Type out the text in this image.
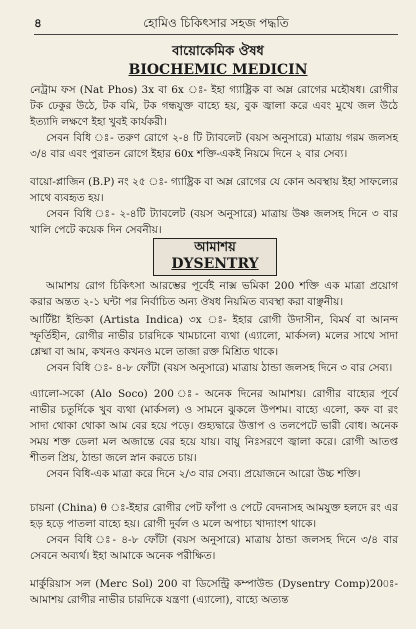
৪	হোমিও চিকিৎসার সহজ পদ্ধতি
বায়োকেমিক ঔষধ
BIOCHEMIC MEDICIN

নেট্রাম ফস (Nat Phos) 3x বা 6x ঃ- ইহা গ্যাষ্ট্রিক বা অম্ল রোগের মহৌষধ। রোগীর টক ঢেকুর উঠে, টক বমি, টক গন্ধযুক্ত বাহ্যে হয়, বুক জ্বালা করে এবং মুখে জল উঠে ইত্যাদি লক্ষণে ইহা খুবই কার্যকরী।

সেবন বিধি ঃ- তরুণ রোগে ২-৪ টি ট্যাবলেট (বয়স অনুসারে) মাত্রায় গরম জলসহ ৩/৪ বার এবং পুরাতন রোগে ইহার 60x শক্তি-একই নিয়মে দিনে ২ বার সেব্য।

বায়ো-প্লাজিন (B.P) নং ২৫ ঃ- গ্যাষ্ট্রিক বা অম্ল রোগের যে কোন অবস্থায় ইহা সাফল্যের সাথে ব্যবহৃত হয়।

সেবন বিধি ঃ- ২-৪টি ট্যাবলেট (বয়স অনুসারে) মাত্রায় উষ্ণ জলসহ দিনে ৩ বার খালি পেটে কয়েক দিন সেবনীয়।

আমাশয়
DYSENTRY

আমাশয় রোগ চিকিৎসা আরম্ভের পূর্বেই নাক্স ভমিকা 200 শক্তি এক মাত্রা প্রয়োগ করার অন্তত ২-১ ঘন্টা পর নির্বাচিত অন্য ঔষধ নিয়মিত ব্যবস্থা করা বাঞ্ছনীয়।

আর্টিষ্টা ইন্ডিকা (Artista Indica) ৩x ঃ- ইহার রোগী উদাসীন, বিমর্ষ বা আনন্দ স্ফূর্তিহীন, রোগীর নাভীর চারদিকে খামচানো ব্যথা (এ্যালো, মার্কসল) মলের সাথে সাদা শ্লেষ্মা বা আম, কখনও কখনও মলে তাজা রক্ত মিশ্রিত থাকে।

সেবন বিধি ঃ- ৪-৮ ফোঁটা (বয়স অনুসারে) মাত্রায় ঠান্ডা জলসহ দিনে ৩ বার সেব্য।

এ্যালো-সকো (Alo Soco) 200 ঃ- অনেক দিনের আমাশয়। রোগীর বাহ্যের পূর্বে নাভীর চতুর্দিকে খুব ব্যথা (মার্কসল) ও সামনে ঝুকলে উপশম। বাহ্যে এলো, কফ বা রং সাদা থোকা থোকা আম বের হয়ে পড়ে। গুহ্যদ্বারে উত্তাপ ও তলপেটে ভারী বোধ। অনেক সময় শক্ত ডেলা মল অজান্তে বের হয়ে যায়। বায়ু নিঃসরণে জ্বালা করে। রোগী আতপ্ত শীতল প্রিয়, ঠান্ডা জলে স্নান করতে চায়।

সেবন বিধি-এক মাত্রা করে দিনে ২/৩ বার সেব্য। প্রয়োজনে আরো উচ্চ শক্তি।

চায়না (China) θ ঃ-ইহার রোগীর পেট ফাঁপা ও পেটে বেদনাসহ আমযুক্ত হলদে রং এর হড় হড়ে পাতলা বাহ্যে হয়। রোগী দুর্বল ও মলে অপাচ্য খাদ্যাংশ থাকে।

সেবন বিধি ঃ- ৪-৮ ফোঁটা (বয়স অনুসারে) মাত্রায় ঠান্ডা জলসহ দিনে ৩/৪ বার সেবনে অব্যর্থ। ইহা আমাকে অনেক পরীক্ষিত।

মার্কুরিয়াস সল (Merc Sol) 200 বা ডিসেন্ট্রি কম্পাউন্ড (Dysentry Comp)200ঃ- আমাশয় রোগীর নাভীর চারদিকে যন্ত্রণা (এ্যালো), বাহ্যে অত্যন্ত
